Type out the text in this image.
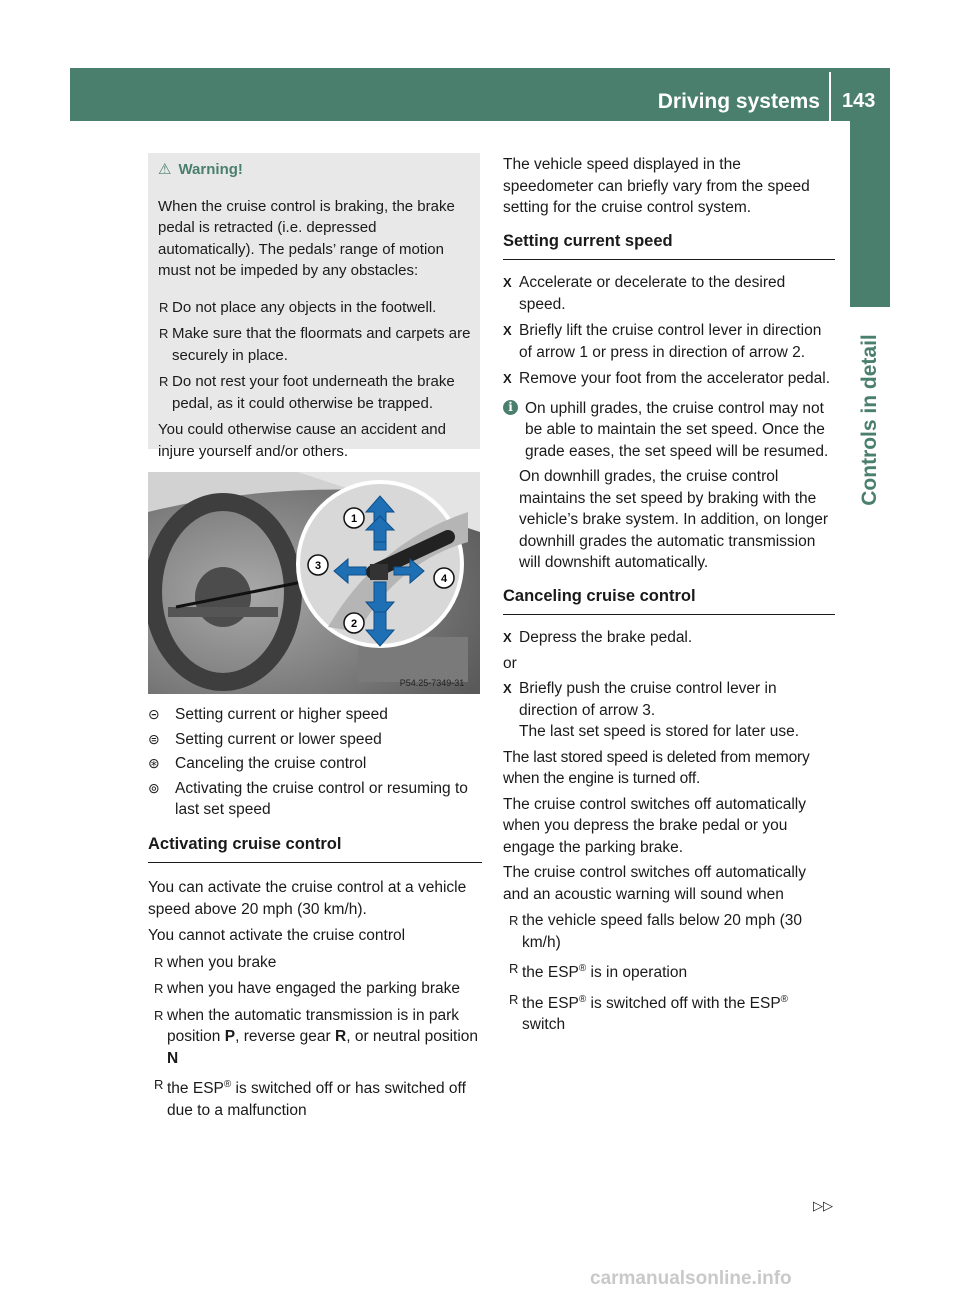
Driving systems 143
Controls in detail
⚠ Warning!

When the cruise control is braking, the brake pedal is retracted (i.e. depressed automatically). The pedals’ range of motion must not be impeded by any obstacles:

R Do not place any objects in the footwell.
R Make sure that the floormats and carpets are securely in place.
R Do not rest your foot underneath the brake pedal, as it could otherwise be trapped.

You could otherwise cause an accident and injure yourself and/or others.

1
2
3
4
P54.25-7349-31
⊝ Setting current or higher speed
⊜ Setting current or lower speed
⊛ Canceling the cruise control
⊚ Activating the cruise control or resuming to last set speed
Activating cruise control

You can activate the cruise control at a vehicle speed above 20 mph (30 km/h).

You cannot activate the cruise control

R when you brake
R when you have engaged the parking brake
R when the automatic transmission is in park position P, reverse gear R, or neutral position N
R the ESP® is switched off or has switched off due to a malfunction

The vehicle speed displayed in the speedometer can briefly vary from the speed setting for the cruise control system.

Setting current speed
X Accelerate or decelerate to the desired speed.
X Briefly lift the cruise control lever in direction of arrow 1 or press in direction of arrow 2.
X Remove your foot from the accelerator pedal.
i On uphill grades, the cruise control may not be able to maintain the set speed. Once the grade eases, the set speed will be resumed.

On downhill grades, the cruise control maintains the set speed by braking with the vehicle’s brake system. In addition, on longer downhill grades the automatic transmission will downshift automatically.

Canceling cruise control
X Depress the brake pedal.

or

X Briefly push the cruise control lever in direction of arrow 3.
The last set speed is stored for later use.

The last stored speed is deleted from memory when the engine is turned off.

The cruise control switches off automatically when you depress the brake pedal or you engage the parking brake.

The cruise control switches off automatically and an acoustic warning will sound when

R the vehicle speed falls below 20 mph (30 km/h)
R the ESP® is in operation
R the ESP® is switched off with the ESP® switch
▷▷
carmanualsonline.info
